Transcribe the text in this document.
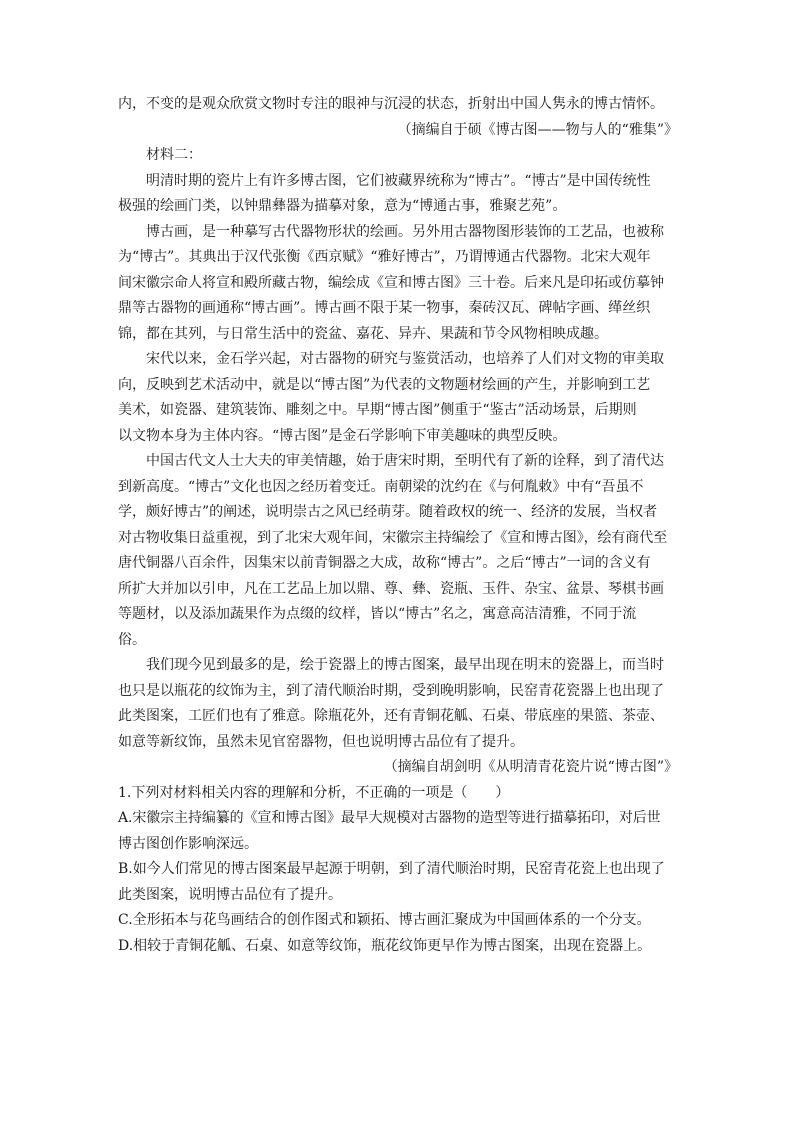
内，不变的是观众欣赏文物时专注的眼神与沉浸的状态，折射出中国人隽永的博古情怀。
（摘编自于硕《博古图——物与人的“雅集”》
材料二：
明清时期的瓷片上有许多博古图，它们被藏界统称为“博古”。“博古”是中国传统性
极强的绘画门类，以钟鼎彝器为描摹对象，意为“博通古事，雅聚艺苑”。
博古画，是一种摹写古代器物形状的绘画。另外用古器物图形装饰的工艺品，也被称
为“博古”。其典出于汉代张衡《西京赋》“雅好博古”，乃谓博通古代器物。北宋大观年
间宋徽宗命人将宣和殿所藏古物，编绘成《宣和博古图》三十卷。后来凡是印拓或仿摹钟
鼎等古器物的画通称“博古画”。博古画不限于某一物事，秦砖汉瓦、碑帖字画、缂丝织
锦，都在其列，与日常生活中的瓷盆、嘉花、异卉、果蔬和节令风物相映成趣。
宋代以来，金石学兴起，对古器物的研究与鉴赏活动，也培养了人们对文物的审美取
向，反映到艺术活动中，就是以“博古图”为代表的文物题材绘画的产生，并影响到工艺
美术，如瓷器、建筑装饰、雕刻之中。早期“博古图”侧重于“鉴古”活动场景，后期则
以文物本身为主体内容。“博古图”是金石学影响下审美趣味的典型反映。
中国古代文人士大夫的审美情趣，始于唐宋时期，至明代有了新的诠释，到了清代达
到新高度。“博古”文化也因之经历着变迁。南朝梁的沈约在《与何胤敕》中有“吾虽不
学，颇好博古”的阐述，说明崇古之风已经萌芽。随着政权的统一、经济的发展，当权者
对古物收集日益重视，到了北宋大观年间，宋徽宗主持编绘了《宣和博古图》，绘有商代至
唐代铜器八百余件，因集宋以前青铜器之大成，故称“博古”。之后“博古”一词的含义有
所扩大并加以引申，凡在工艺品上加以鼎、尊、彝、瓷瓶、玉件、杂宝、盆景、琴棋书画
等题材，以及添加蔬果作为点缀的纹样，皆以“博古”名之，寓意高洁清雅，不同于流
俗。
我们现今见到最多的是，绘于瓷器上的博古图案，最早出现在明末的瓷器上，而当时
也只是以瓶花的纹饰为主，到了清代顺治时期，受到晚明影响，民窑青花瓷器上也出现了
此类图案，工匠们也有了雅意。除瓶花外，还有青铜花觚、石桌、带底座的果篮、茶壶、
如意等新纹饰，虽然未见官窑器物，但也说明博古品位有了提升。
（摘编自胡剑明《从明清青花瓷片说“博古图”》
1.下列对材料相关内容的理解和分析，不正确的一项是（　　）
A.宋徽宗主持编纂的《宣和博古图》最早大规模对古器物的造型等进行描摹拓印，对后世
博古图创作影响深远。
B.如今人们常见的博古图案最早起源于明朝，到了清代顺治时期，民窑青花瓷上也出现了
此类图案，说明博古品位有了提升。
C.全形拓本与花鸟画结合的创作图式和颖拓、博古画汇聚成为中国画体系的一个分支。
D.相较于青铜花觚、石桌、如意等纹饰，瓶花纹饰更早作为博古图案，出现在瓷器上。
